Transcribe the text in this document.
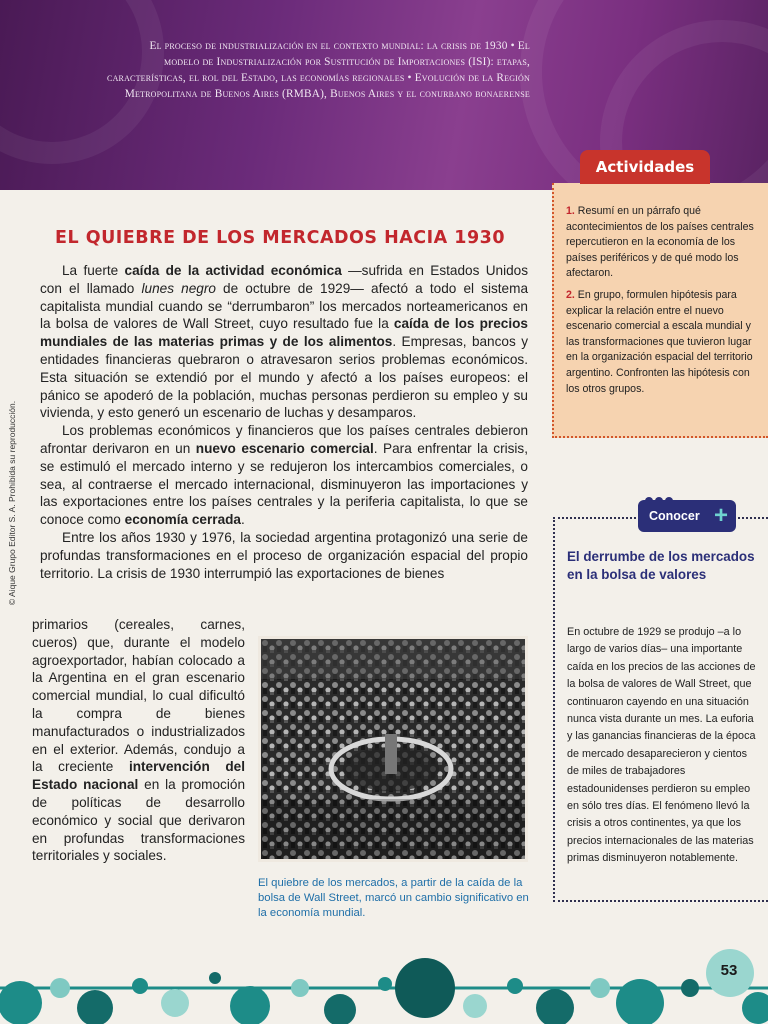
El proceso de industrialización en el contexto mundial: la crisis de 1930 • El
modelo de Industrialización por Sustitución de Importaciones (ISI): etapas,
características, el rol del Estado, las economías regionales • Evolución de la Región
Metropolitana de Buenos Aires (RMBA), Buenos Aires y el conurbano bonaerense
© Aique Grupo Editor S. A. Prohibida su reproducción.
EL QUIEBRE DE LOS MERCADOS HACIA 1930

La fuerte caída de la actividad económica —sufrida en Estados Unidos con el llamado lunes negro de octubre de 1929— afectó a todo el sistema capitalista mundial cuando se “derrumbaron” los mercados norteamericanos en la bolsa de valores de Wall Street, cuyo resultado fue la caída de los precios mundiales de las materias primas y de los alimentos. Empresas, bancos y entidades financieras quebraron o atravesaron serios problemas económicos. Esta situación se extendió por el mundo y afectó a los países europeos: el pánico se apoderó de la población, muchas personas perdieron su empleo y su vivienda, y esto generó un escenario de luchas y desamparos.

Los problemas económicos y financieros que los países centrales debieron afrontar derivaron en un nuevo escenario comercial. Para enfrentar la crisis, se estimuló el mercado interno y se redujeron los intercambios comerciales, o sea, al contraerse el mercado internacional, disminuyeron las importaciones y las exportaciones entre los países centrales y la periferia capitalista, lo que se conoce como economía cerrada.

Entre los años 1930 y 1976, la sociedad argentina protagonizó una serie de profundas transformaciones en el proceso de organización espacial del propio territorio. La crisis de 1930 interrumpió las exportaciones de bienes

primarios (cereales, carnes, cueros) que, durante el modelo agroexportador, habían colocado a la Argentina en el gran escenario comercial mundial, lo cual dificultó la compra de bienes manufacturados o industrializados en el exterior. Además, condujo a la creciente intervención del Estado nacional en la promoción de políticas de desarrollo económico y social que derivaron en profundas transformaciones territoriales y sociales.
El quiebre de los mercados, a partir de la caída de la bolsa de Wall Street, marcó un cambio significativo en la economía mundial.
Actividades
1. Resumí en un párrafo qué acontecimientos de los países centrales repercutieron en la economía de los países periféricos y de qué modo los afectaron.
2. En grupo, formulen hipótesis para explicar la relación entre el nuevo escenario comercial a escala mundial y las transformaciones que tuvieron lugar en la organización espacial del territorio argentino. Confronten las hipótesis con los otros grupos.
Conocer +
El derrumbe de los mercados en la bolsa de valores
En octubre de 1929 se produjo –a lo largo de varios días– una importante caída en los precios de las acciones de la bolsa de valores de Wall Street, que continuaron cayendo en una situación nunca vista durante un mes. La euforia y las ganancias financieras de la época de mercado desaparecieron y cientos de miles de trabajadores estadounidenses perdieron su empleo en sólo tres días. El fenómeno llevó la crisis a otros continentes, ya que los precios internacionales de las materias primas disminuyeron notablemente.
53
